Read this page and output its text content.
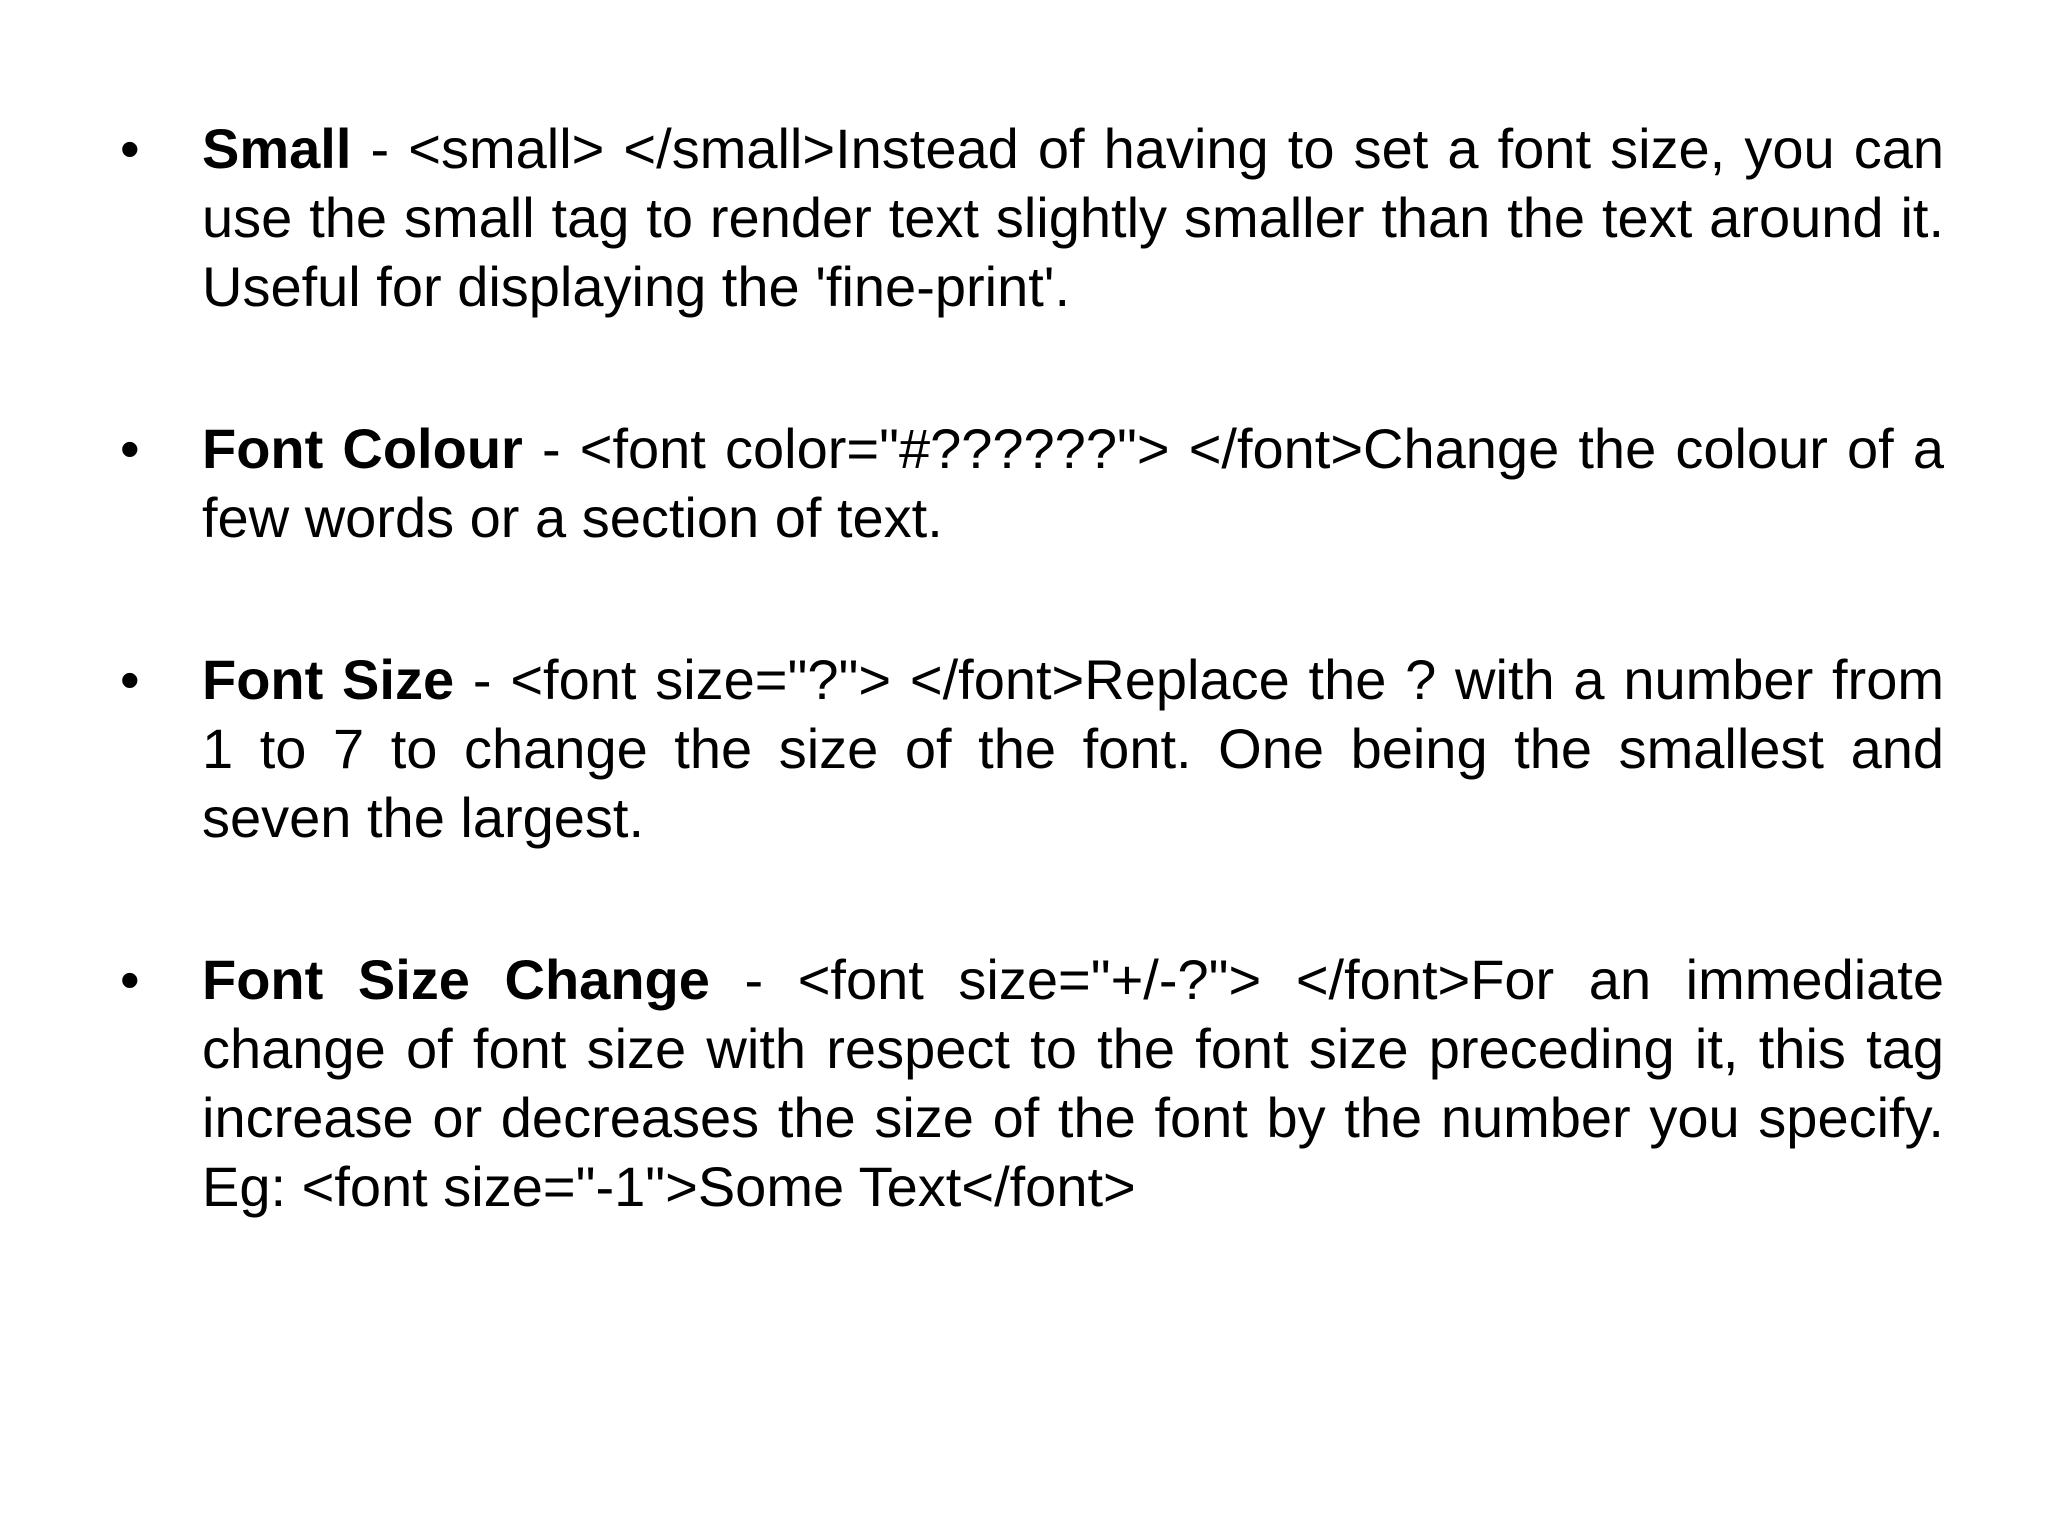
•	Small - <small> </small>Instead of having to set a font size, you can use the small tag to render text slightly smaller than the text around it. Useful for displaying the 'fine-print'.
•	Font Colour - <font color="#??????"> </font>Change the colour of a few words or a section of text.
•	Font Size - <font size="?"> </font>Replace the ? with a number from 1 to 7 to change the size of the font. One being the smallest and seven the largest.
•	Font Size Change - <font size="+/-?"> </font>For an immediate change of font size with respect to the font size preceding it, this tag increase or decreases the size of the font by the number you specify. Eg: <font size="-1">Some Text</font>
